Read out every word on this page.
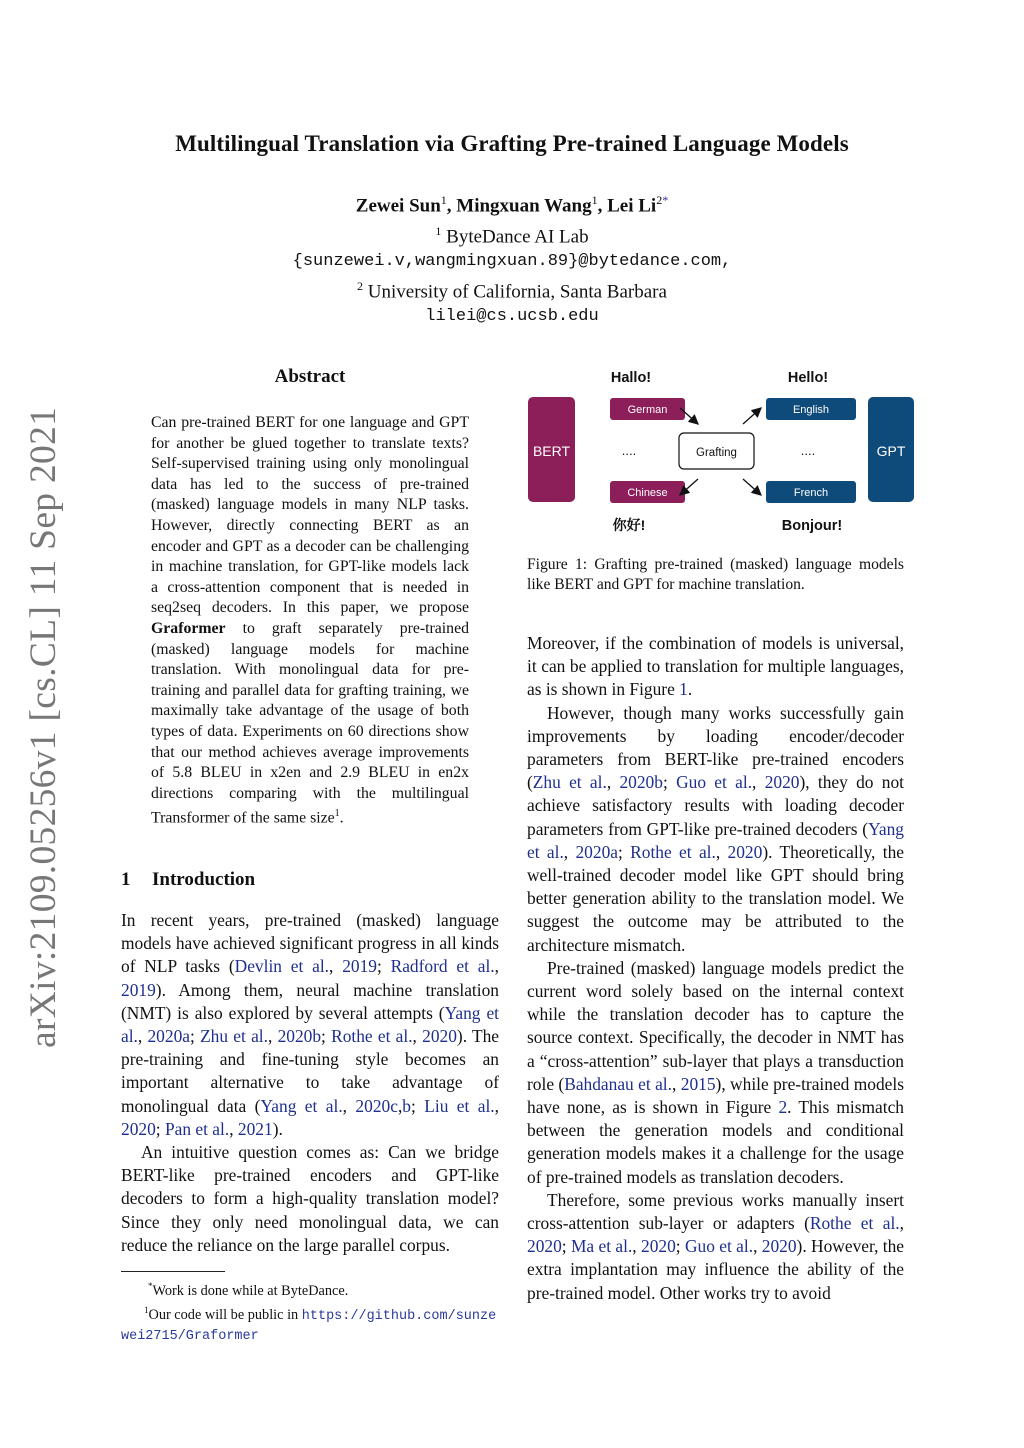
Multilingual Translation via Grafting Pre-trained Language Models
Zewei Sun$^1$, Mingxuan Wang$^1$, Lei $Li^{2*}$
$^1$ ByteDance AI Lab
{sunzewei.v,wangmingxuan.89}@bytedance.com,
$^2$ University of California, Santa Barbara
lilei@cs.ucsb.edu
arXiv:2109.05256v1 [cs.CL] 11 Sep 2021
Abstract
Can pre-trained BERT for one language and GPT for another be glued together to translate texts? Self-supervised training using only monolingual data has led to the success of pre-trained (masked) language models in many NLP tasks. However, directly connecting BERT as an encoder and GPT as a decoder can be challenging in machine translation, for GPT-like models lack a cross-attention component that is needed in seq2seq decoders. In this paper, we propose Graformer to graft separately pre-trained (masked) language models for machine translation. With monolingual data for pre-training and parallel data for grafting training, we maximally take advantage of the usage of both types of data. Experiments on 60 directions show that our method achieves average improvements of 5.8 BLEU in x2en and 2.9 BLEU in en2x directions comparing with the multilingual Transformer of the same size$^1$.
1 Introduction

In recent years, pre-trained (masked) language models have achieved significant progress in all kinds of NLP tasks (Devlin et al., 2019; Radford et al., 2019). Among them, neural machine translation (NMT) is also explored by several attempts (Yang et al., 2020a; Zhu et al., 2020b; Rothe et al., 2020). The pre-training and fine-tuning style becomes an important alternative to take advantage of monolingual data (Yang et al., 2020c,b; Liu et al., 2020; Pan et al., 2021).

An intuitive question comes as: Can we bridge BERT-like pre-trained encoders and GPT-like decoders to form a high-quality translation model? Since they only need monolingual data, we can reduce the reliance on the large parallel corpus.

*Work is done while at ByteDance.
$^1$Our code will be public in https://github.com/sunzewei2715/Graformer
Hallo!	Hello!
BERT	GPT
German
Chinese
English
French
....	....
Grafting
你好!	Bonjour!
Figure 1: Grafting pre-trained (masked) language models like BERT and GPT for machine translation.

Moreover, if the combination of models is universal, it can be applied to translation for multiple languages, as is shown in Figure 1.

However, though many works successfully gain improvements by loading encoder/decoder parameters from BERT-like pre-trained encoders (Zhu et al., 2020b; Guo et al., 2020), they do not achieve satisfactory results with loading decoder parameters from GPT-like pre-trained decoders (Yang et al., 2020a; Rothe et al., 2020). Theoretically, the well-trained decoder model like GPT should bring better generation ability to the translation model. We suggest the outcome may be attributed to the architecture mismatch.

Pre-trained (masked) language models predict the current word solely based on the internal context while the translation decoder has to capture the source context. Specifically, the decoder in NMT has a “cross-attention” sub-layer that plays a transduction role (Bahdanau et al., 2015), while pre-trained models have none, as is shown in Figure 2. This mismatch between the generation models and conditional generation models makes it a challenge for the usage of pre-trained models as translation decoders.

Therefore, some previous works manually insert cross-attention sub-layer or adapters (Rothe et al., 2020; Ma et al., 2020; Guo et al., 2020). However, the extra implantation may influence the ability of the pre-trained model. Other works try to avoid
